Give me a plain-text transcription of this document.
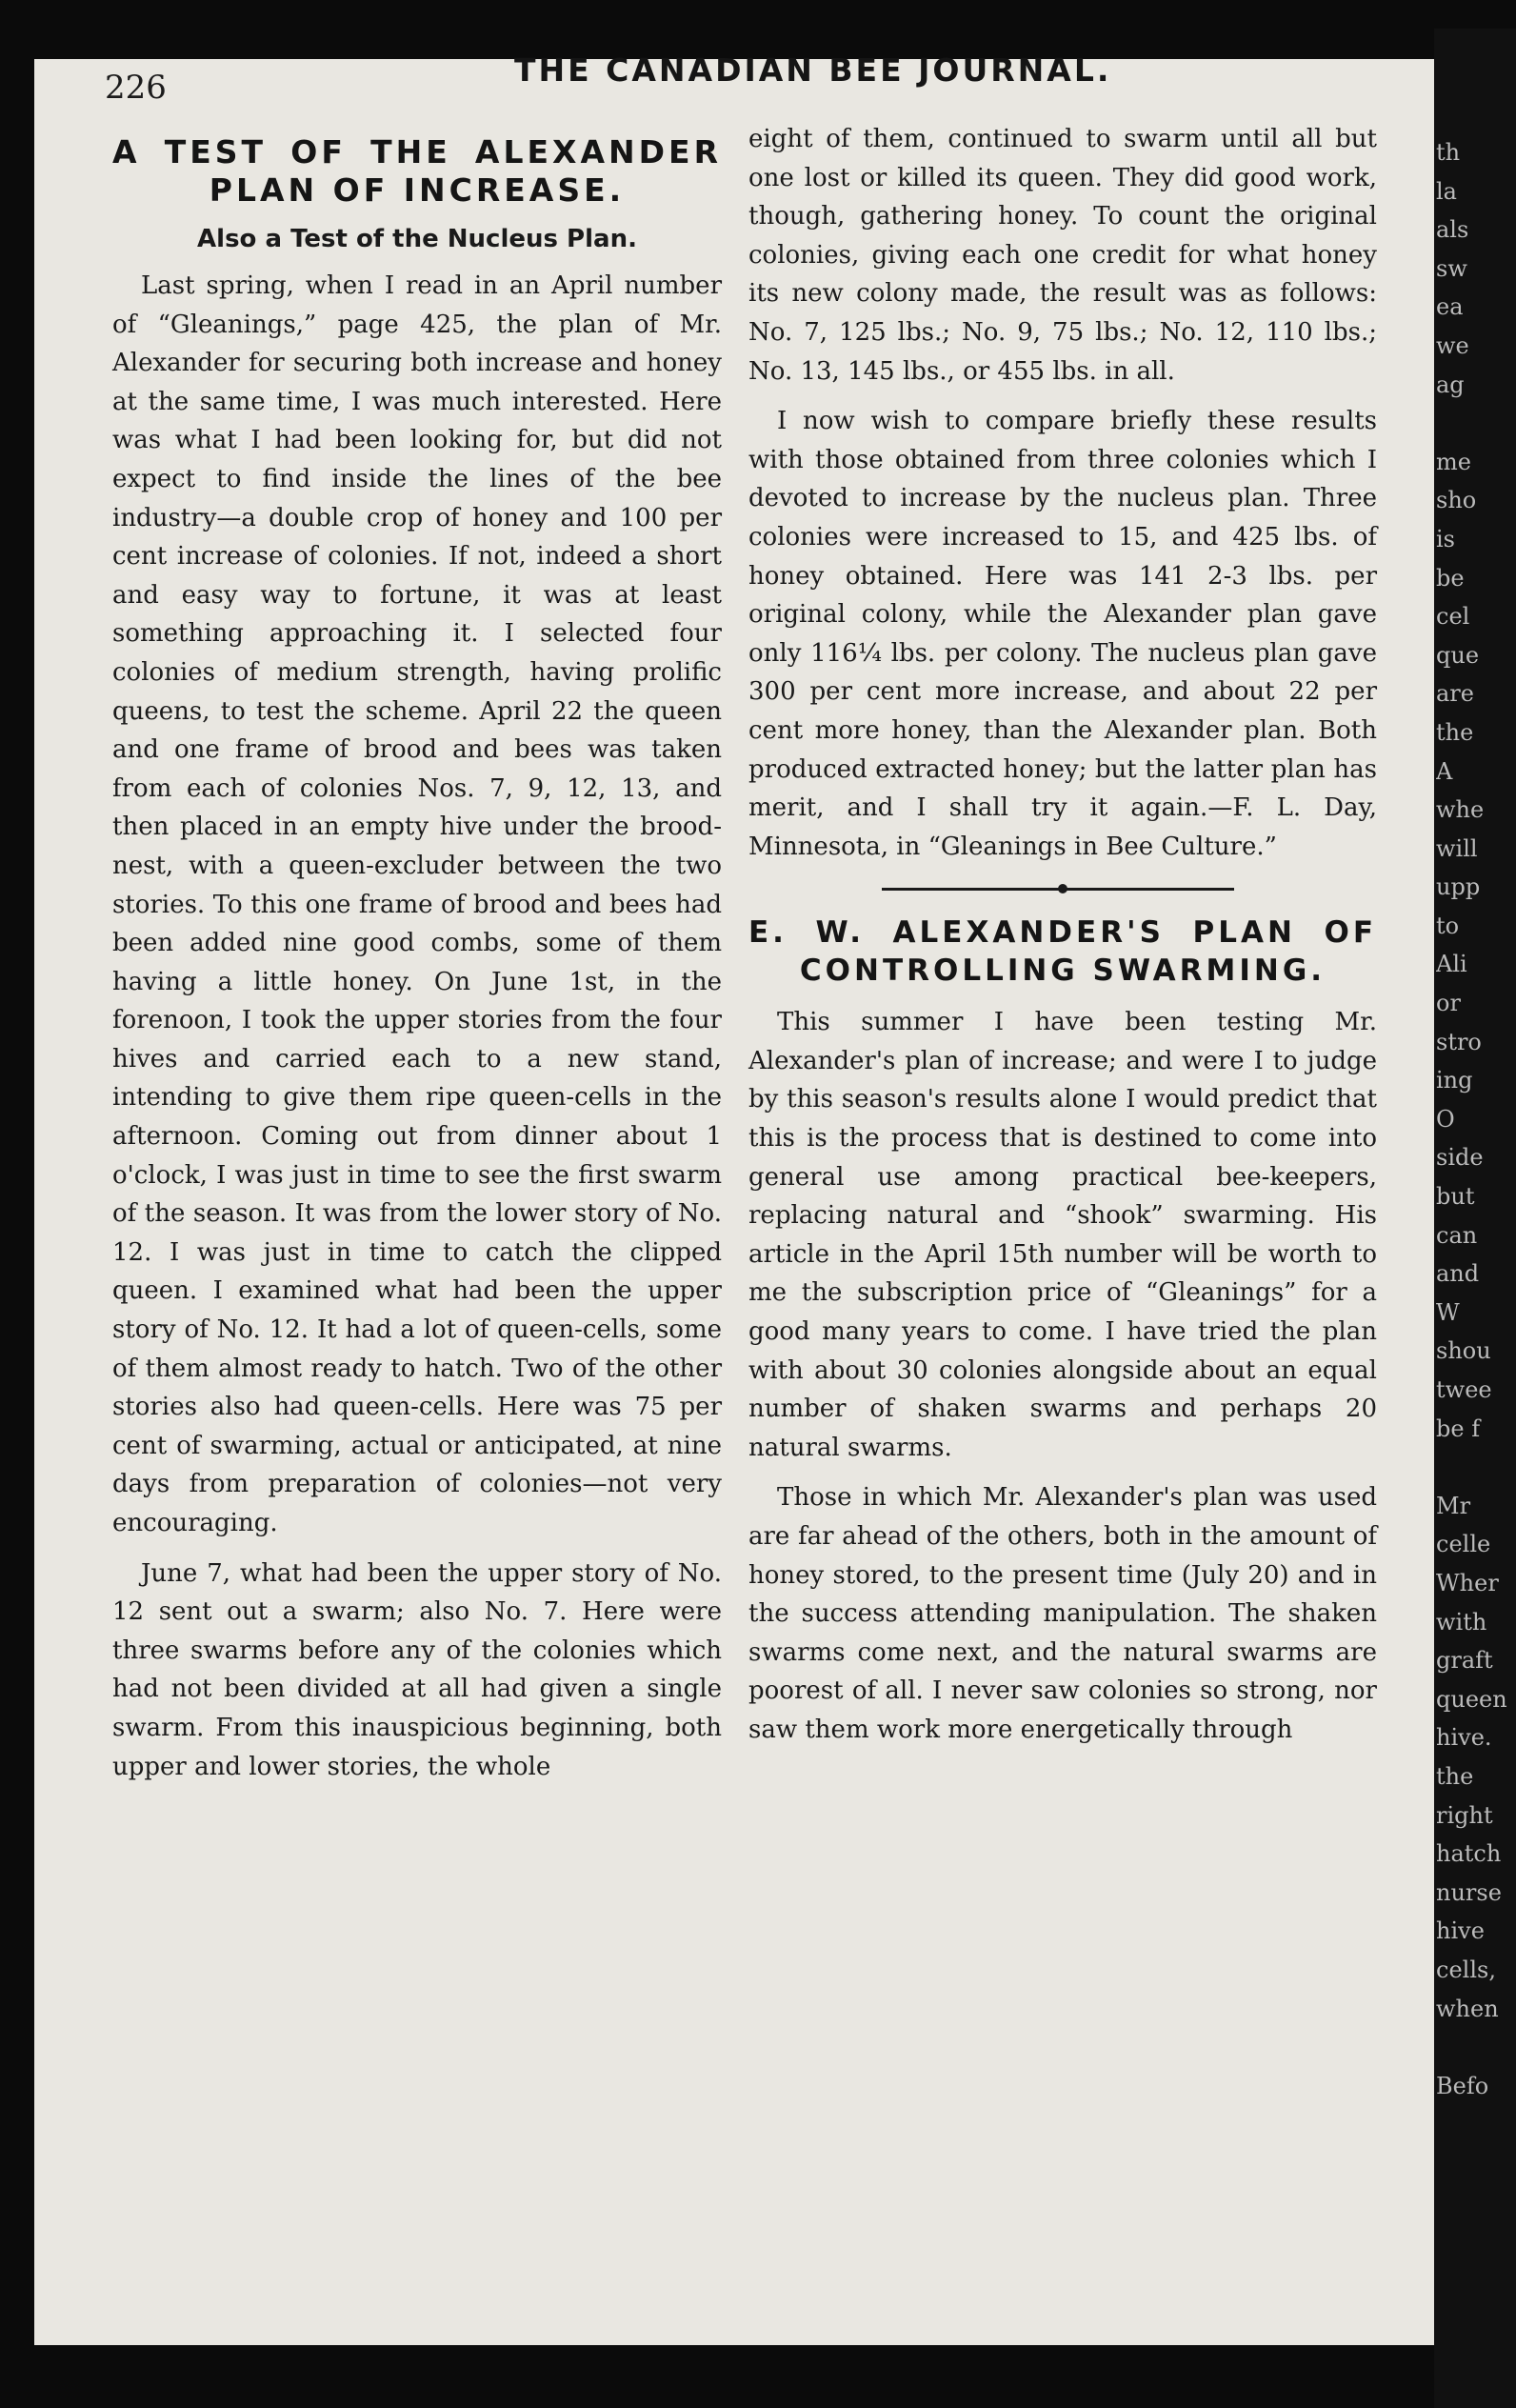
226	THE CANADIAN BEE JOURNAL.
A TEST OF THE ALEXANDER
PLAN OF INCREASE.
Also a Test of the Nucleus Plan.

Last spring, when I read in an April number of “Gleanings,” page 425, the plan of Mr. Alexander for securing both increase and honey at the same time, I was much interested. Here was what I had been looking for, but did not expect to find inside the lines of the bee industry—a double crop of honey and 100 per cent increase of colonies. If not, indeed a short and easy way to fortune, it was at least something approaching it. I selected four colonies of medium strength, having prolific queens, to test the scheme. April 22 the queen and one frame of brood and bees was taken from each of colonies Nos. 7, 9, 12, 13, and then placed in an empty hive under the brood-nest, with a queen-excluder between the two stories. To this one frame of brood and bees had been added nine good combs, some of them having a little honey. On June 1st, in the forenoon, I took the upper stories from the four hives and carried each to a new stand, intending to give them ripe queen-cells in the afternoon. Coming out from dinner about 1 o'clock, I was just in time to see the first swarm of the season. It was from the lower story of No. 12. I was just in time to catch the clipped queen. I examined what had been the upper story of No. 12. It had a lot of queen-cells, some of them almost ready to hatch. Two of the other stories also had queen-cells. Here was 75 per cent of swarming, actual or anticipated, at nine days from preparation of colonies—not very encouraging.

June 7, what had been the upper story of No. 12 sent out a swarm; also No. 7. Here were three swarms before any of the colonies which had not been divided at all had given a single swarm. From this inauspicious beginning, both upper and lower stories, the whole

eight of them, continued to swarm until all but one lost or killed its queen. They did good work, though, gathering honey. To count the original colonies, giving each one credit for what honey its new colony made, the result was as follows: No. 7, 125 lbs.; No. 9, 75 lbs.; No. 12, 110 lbs.; No. 13, 145 lbs., or 455 lbs. in all.

I now wish to compare briefly these results with those obtained from three colonies which I devoted to increase by the nucleus plan. Three colonies were increased to 15, and 425 lbs. of honey obtained. Here was 141 2-3 lbs. per original colony, while the Alexander plan gave only 116¼ lbs. per colony. The nucleus plan gave 300 per cent more increase, and about 22 per cent more honey, than the Alexander plan. Both produced extracted honey; but the latter plan has merit, and I shall try it again.—F. L. Day, Minnesota, in “Gleanings in Bee Culture.”

E. W. ALEXANDER'S PLAN OF
CONTROLLING SWARMING.

This summer I have been testing Mr. Alexander's plan of increase; and were I to judge by this season's results alone I would predict that this is the process that is destined to come into general use among practical bee-keepers, replacing natural and “shook” swarming. His article in the April 15th number will be worth to me the subscription price of “Gleanings” for a good many years to come. I have tried the plan with about 30 colonies alongside about an equal number of shaken swarms and perhaps 20 natural swarms.

Those in which Mr. Alexander's plan was used are far ahead of the others, both in the amount of honey stored, to the present time (July 20) and in the success attending manipulation. The shaken swarms come next, and the natural swarms are poorest of all. I never saw colonies so strong, nor saw them work more energetically through

th

la

als

sw

ea

we

ag

me

sho

is

be

cel

que

are

the

A

whe

will

upp

to

Ali

or

stro

ing

O

side

but

can

and

W

shou

twee

be f

Mr

celle

Wher

with

graft

queen

hive.

the

right

hatch

nurse

hive

cells,

when

Befo
